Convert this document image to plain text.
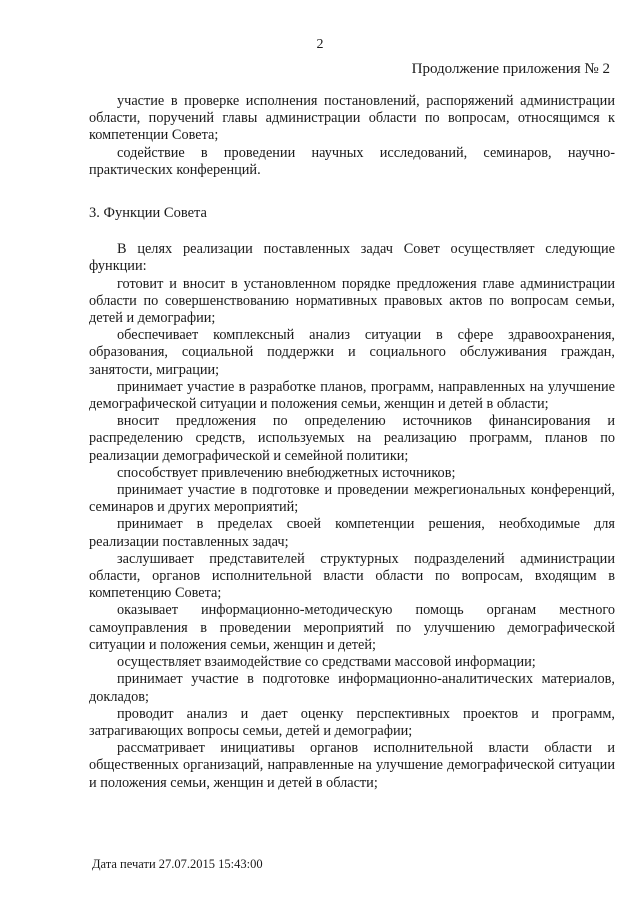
2
Продолжение приложения № 2

участие в проверке исполнения постановлений, распоряжений администрации области, поручений главы администрации области по вопросам, относящимся к компетенции Совета;

содействие в проведении научных исследований, семинаров, научно-практических конференций.

3. Функции Совета

В целях реализации поставленных задач Совет осуществляет следующие функции:

готовит и вносит в установленном порядке предложения главе администрации области по совершенствованию нормативных правовых актов по вопросам семьи, детей и демографии;

обеспечивает комплексный анализ ситуации в сфере здравоохранения, образования, социальной поддержки и социального обслуживания граждан, занятости, миграции;

принимает участие в разработке планов, программ, направленных на улучшение демографической ситуации и положения семьи, женщин и детей в области;

вносит предложения по определению источников финансирования и распределению средств, используемых на реализацию программ, планов по реализации демографической и семейной политики;

способствует привлечению внебюджетных источников;

принимает участие в подготовке и проведении межрегиональных конференций, семинаров и других мероприятий;

принимает в пределах своей компетенции решения, необходимые для реализации поставленных задач;

заслушивает представителей структурных подразделений администрации области, органов исполнительной власти области по вопросам, входящим в компетенцию Совета;

оказывает информационно-методическую помощь органам местного самоуправления в проведении мероприятий по улучшению демографической ситуации и положения семьи, женщин и детей;

осуществляет взаимодействие со средствами массовой информации;

принимает участие в подготовке информационно-аналитических материалов, докладов;

проводит анализ и дает оценку перспективных проектов и программ, затрагивающих вопросы семьи, детей и демографии;

рассматривает инициативы органов исполнительной власти области и общественных организаций, направленные на улучшение демографической ситуации и положения семьи, женщин и детей в области;

Дата печати 27.07.2015 15:43:00
